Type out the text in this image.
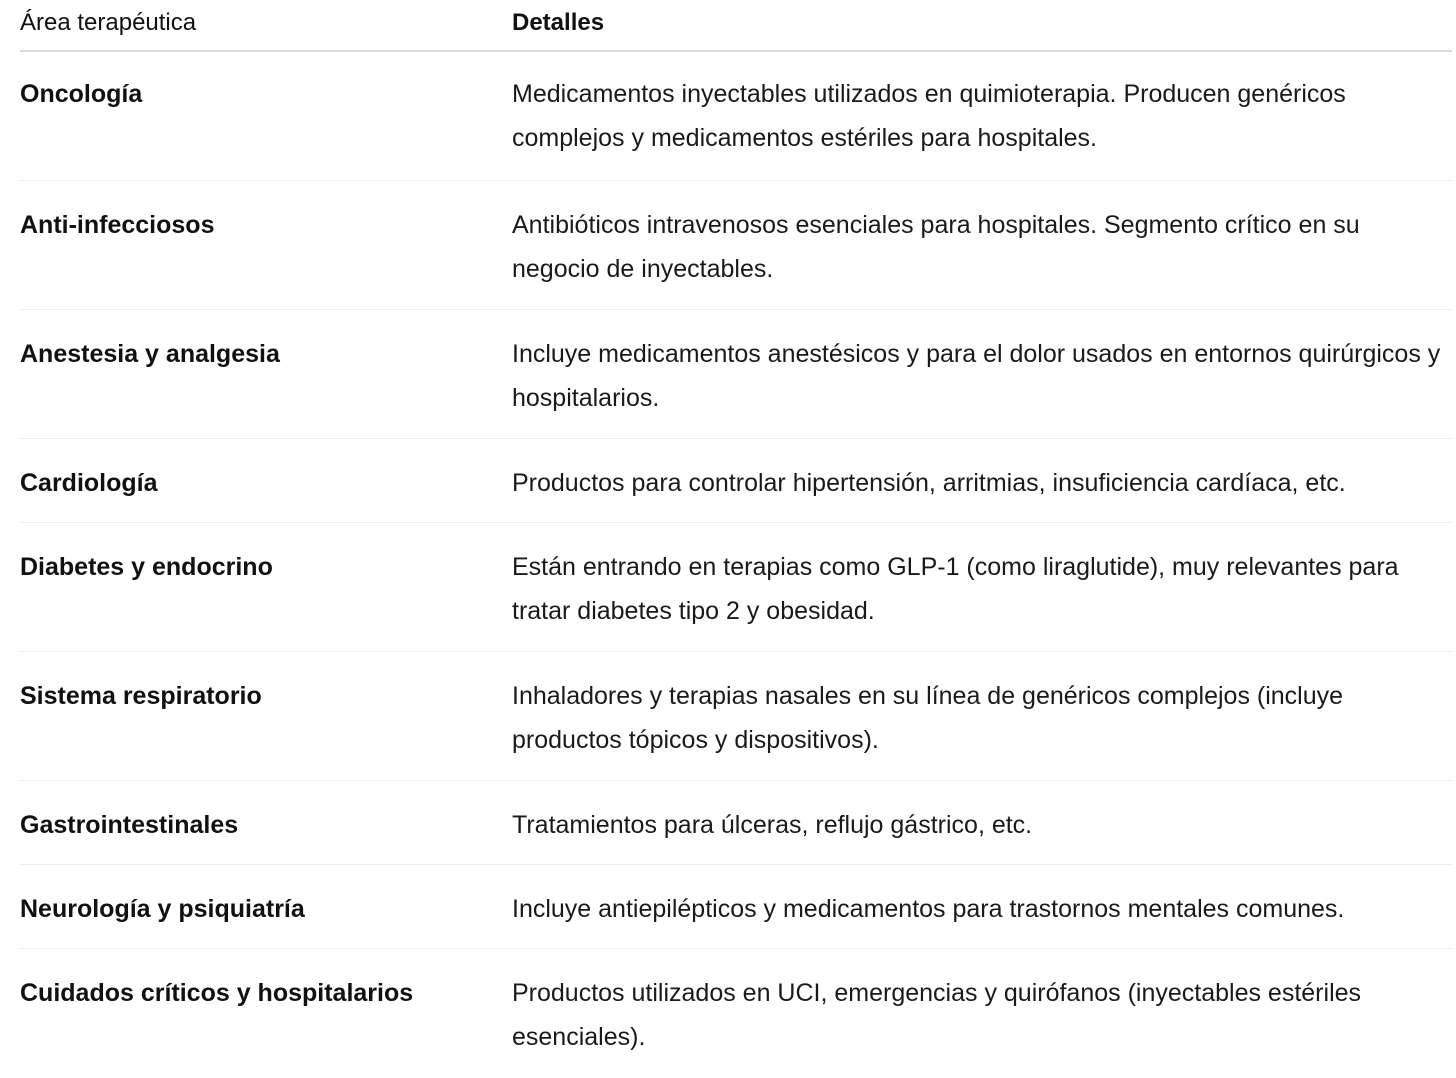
Área terapéutica	Detalles
Oncología	Medicamentos inyectables utilizados en quimioterapia. Producen genéricos complejos y medicamentos estériles para hospitales.
Anti-infecciosos	Antibióticos intravenosos esenciales para hospitales. Segmento crítico en su negocio de inyectables.
Anestesia y analgesia	Incluye medicamentos anestésicos y para el dolor usados en entornos quirúrgicos y hospitalarios.
Cardiología	Productos para controlar hipertensión, arritmias, insuficiencia cardíaca, etc.
Diabetes y endocrino	Están entrando en terapias como GLP-1 (como liraglutide), muy relevantes para tratar diabetes tipo 2 y obesidad.
Sistema respiratorio	Inhaladores y terapias nasales en su línea de genéricos complejos (incluye productos tópicos y dispositivos).
Gastrointestinales	Tratamientos para úlceras, reflujo gástrico, etc.
Neurología y psiquiatría	Incluye antiepilépticos y medicamentos para trastornos mentales comunes.
Cuidados críticos y hospitalarios	Productos utilizados en UCI, emergencias y quirófanos (inyectables estériles esenciales).
